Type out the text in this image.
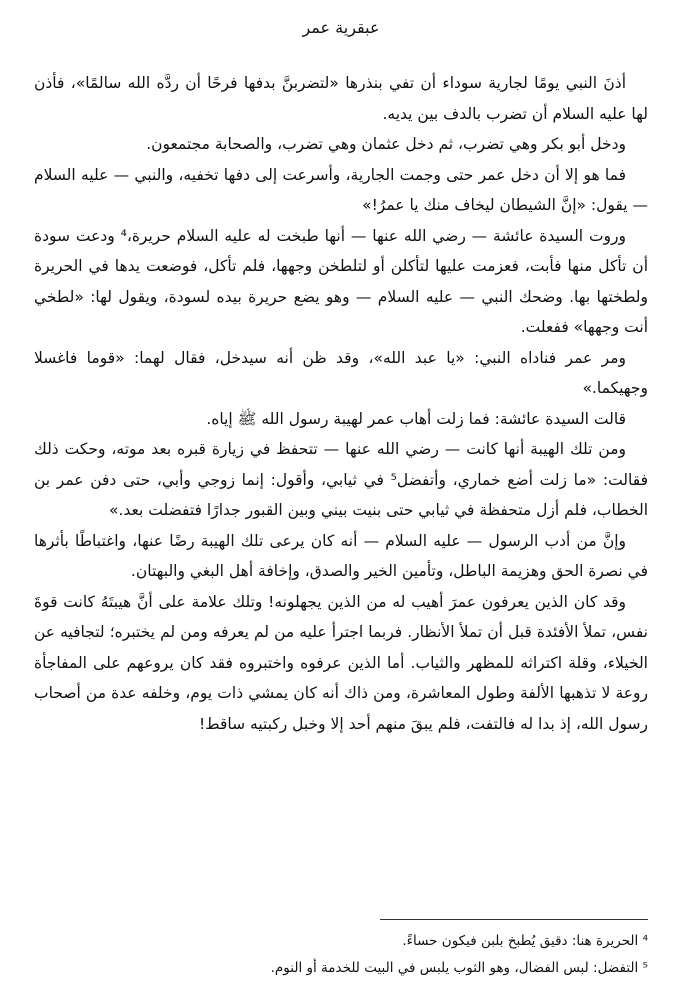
عبقرية عمر

أذنَ النبي يومًا لجارية سوداء أن تفي بنذرها «لتضربنَّ بدفها فرحًا أن ردَّه الله سالمًا»، فأذن لها عليه السلام أن تضرب بالدف بين يديه.

ودخل أبو بكر وهي تضرب، ثم دخل عثمان وهي تضرب، والصحابة مجتمعون.

فما هو إلا أن دخل عمر حتى وجمت الجارية، وأسرعت إلى دفها تخفيه، والنبي — عليه السلام — يقول: «إنَّ الشيطان ليخاف منك يا عمرُ!»

وروت السيدة عائشة — رضي الله عنها — أنها طبخت له عليه السلام حريرة،⁴ ودعت سودة أن تأكل منها فأبت، فعزمت عليها لتأكلن أو لتلطخن وجهها، فلم تأكل، فوضعت يدها في الحريرة ولطختها بها. وضحك النبي — عليه السلام — وهو يضع حريرة بيده لسودة، ويقول لها: «لطخي أنت وجهها» ففعلت.

ومر عمر فناداه النبي: «يا عبد الله»، وقد ظن أنه سيدخل، فقال لهما: «قوما فاغسلا وجهيكما.»

قالت السيدة عائشة: فما زلت أهاب عمر لهيبة رسول الله ﷺ إياه.

ومن تلك الهيبة أنها كانت — رضي الله عنها — تتحفظ في زيارة قبره بعد موته، وحكت ذلك فقالت: «ما زلت أضع خماري، وأتفضل⁵ في ثيابي، وأقول: إنما زوجي وأبي، حتى دفن عمر بن الخطاب، فلم أزل متحفظة في ثيابي حتى بنيت بيني وبين القبور جدارًا فتفضلت بعد.»

وإنَّ من أدب الرسول — عليه السلام — أنه كان يرعى تلك الهيبة رضًا عنها، واغتباطًا بأثرها في نصرة الحق وهزيمة الباطل، وتأمين الخير والصدق، وإخافة أهل البغي والبهتان.

وقد كان الذين يعرفون عمرَ أهيب له من الذين يجهلونه! وتلك علامة على أنَّ هيبتَهُ كانت قوةَ نفس، تملأ الأفئدة قبل أن تملأ الأنظار. فربما اجترأ عليه من لم يعرفه ومن لم يختبره؛ لتجافيه عن الخيلاء، وقلة اكتراثه للمظهر والثياب. أما الذين عرفوه واختبروه فقد كان يروعهم على المفاجأة روعة لا تذهبها الألفة وطول المعاشرة، ومن ذاك أنه كان يمشي ذات يوم، وخلفه عدة من أصحاب رسول الله، إذ بدا له فالتفت، فلم يبقَ منهم أحد إلا وخبل ركبتيه ساقط!

⁴ الحريرة هنا: دقيق يُطبخ بلبن فيكون حساءً.
⁵ التفضل: لبس الفضال، وهو الثوب يلبس في البيت للخدمة أو النوم.
